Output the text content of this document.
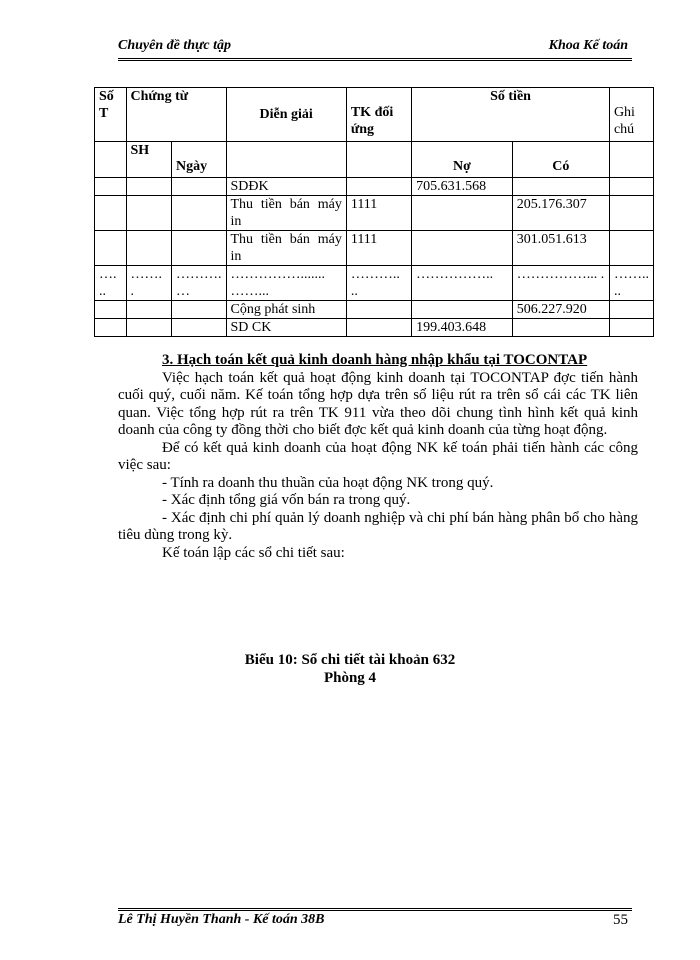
Chuyên đề thực tập	Khoa Kế toán
Số T	Chứng từ		Diễn giải	TK đối ứng	Số tiền		Ghi chú
	SH	Ngày			Nợ	Có	
			SDĐK		705.631.568		
			Thu tiền bán máy in	1111		205.176.307	
			Thu tiền bán máy in	1111		301.051.613	
…. ..	……. .	………. …	……………....... ……...	……….. ..	……………..	……………... .	…….. ..
			Cộng phát sinh			506.227.920	
			SD CK		199.403.648		

3. Hạch toán kết quả kinh doanh hàng nhập khẩu tại TOCONTAP

Việc hạch toán kết quả hoạt động kinh doanh tại TOCONTAP đợc tiến hành cuối quý, cuối năm. Kế toán tổng hợp dựa trên số liệu rút ra trên sổ cái các TK liên quan. Việc tổng hợp rút ra trên TK 911 vừa theo dõi chung tình hình kết quả kinh doanh của công ty đồng thời cho biết đợc kết quả kinh doanh của từng hoạt động.

Để có kết quả kinh doanh của hoạt động NK kế toán phải tiến hành các công việc sau:

- Tính ra doanh thu thuần của hoạt động NK trong quý.

- Xác định tổng giá vốn bán ra trong quý.

- Xác định chi phí quản lý doanh nghiệp và chi phí bán hàng phân bổ cho hàng tiêu dùng trong kỳ.

Kế toán lập các sổ chi tiết sau:

Biểu 10: Sổ chi tiết tài khoản 632
Phòng 4
Lê Thị Huyền Thanh - Kế toán 38B	55
